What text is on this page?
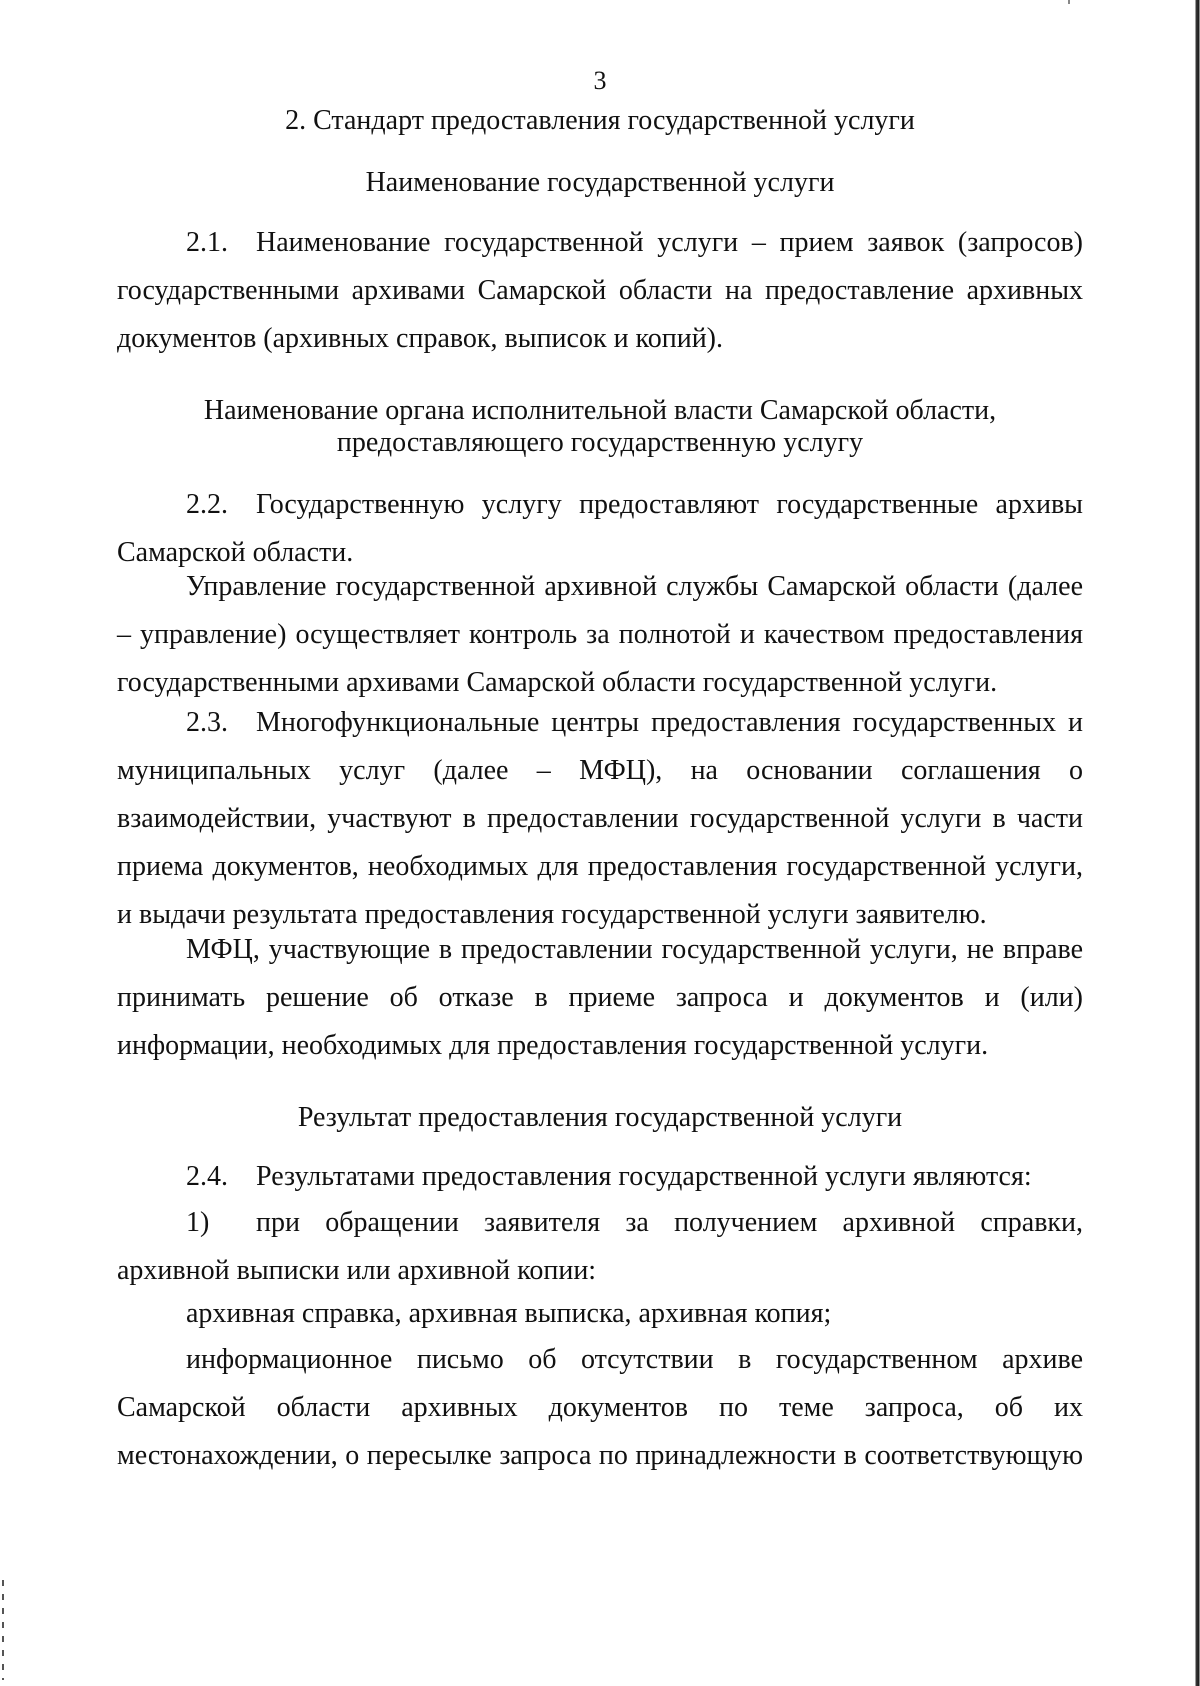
3
2. Стандарт предоставления государственной услуги
Наименование государственной услуги
2.1. Наименование государственной услуги – прием заявок (запросов) государственными архивами Самарской области на предоставление архивных документов (архивных справок, выписок и копий).
Наименование органа исполнительной власти Самарской области,
предоставляющего государственную услугу
2.2. Государственную услугу предоставляют государственные архивы Самарской области.
Управление государственной архивной службы Самарской области (далее – управление) осуществляет контроль за полнотой и качеством предоставления государственными архивами Самарской области государственной услуги.
2.3. Многофункциональные центры предоставления государственных и муниципальных услуг (далее – МФЦ), на основании соглашения о взаимодействии, участвуют в предоставлении государственной услуги в части приема документов, необходимых для предоставления государственной услуги, и выдачи результата предоставления государственной услуги заявителю.
МФЦ, участвующие в предоставлении государственной услуги, не вправе принимать решение об отказе в приеме запроса и документов и (или) информации, необходимых для предоставления государственной услуги.
Результат предоставления государственной услуги
2.4. Результатами предоставления государственной услуги являются:
1) при обращении заявителя за получением архивной справки, архивной выписки или архивной копии:
архивная справка, архивная выписка, архивная копия;
информационное письмо об отсутствии в государственном архиве Самарской области архивных документов по теме запроса, об их местонахождении, о пересылке запроса по принадлежности в соответствующую
